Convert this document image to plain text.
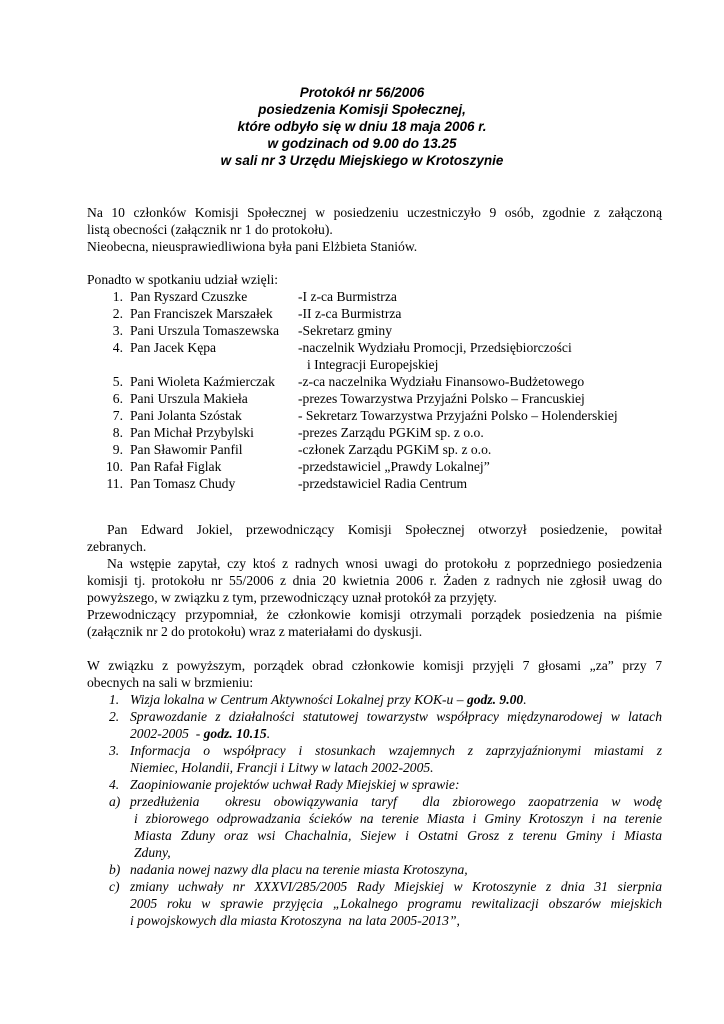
Protokół nr 56/2006
posiedzenia Komisji Społecznej,
które odbyło się w dniu 18 maja 2006 r.
w godzinach od 9.00 do 13.25
w sali nr 3 Urzędu Miejskiego w Krotoszynie
Na 10 członków Komisji Społecznej w posiedzeniu uczestniczyło 9 osób, zgodnie z załączoną
listą obecności (załącznik nr 1 do protokołu).
Nieobecna, nieusprawiedliwiona była pani Elżbieta Staniów.
Ponadto w spotkaniu udział wzięli:
1. Pan Ryszard Czuszke	-I z-ca Burmistrza
2. Pan Franciszek Marszałek -II z-ca Burmistrza
3. Pani Urszula Tomaszewska -Sekretarz gminy
4. Pan Jacek Kępa	-naczelnik Wydziału Promocji, Przedsiębiorczości
i Integracji Europejskiej
5. Pani Wioleta Kaźmierczak -z-ca naczelnika Wydziału Finansowo-Budżetowego
6. Pani Urszula Makieła	-prezes Towarzystwa Przyjaźni Polsko – Francuskiej
7. Pani Jolanta Szóstak	- Sekretarz Towarzystwa Przyjaźni Polsko – Holenderskiej
8. Pan Michał Przybylski	-prezes Zarządu PGKiM sp. z o.o.
9. Pan Sławomir Panfil	-członek Zarządu PGKiM sp. z o.o.
10. Pan Rafał Figlak	-przedstawiciel „Prawdy Lokalnej”
11. Pan Tomasz Chudy	-przedstawiciel Radia Centrum
Pan Edward Jokiel, przewodniczący Komisji Społecznej otworzył posiedzenie, powitał
zebranych.
Na wstępie zapytał, czy ktoś z radnych wnosi uwagi do protokołu z poprzedniego posiedzenia
komisji tj. protokołu nr 55/2006 z dnia 20 kwietnia 2006 r. Żaden z radnych nie zgłosił uwag do
powyższego, w związku z tym, przewodniczący uznał protokół za przyjęty.
Przewodniczący przypomniał, że członkowie komisji otrzymali porządek posiedzenia na piśmie
(załącznik nr 2 do protokołu) wraz z materiałami do dyskusji.
W związku z powyższym, porządek obrad członkowie komisji przyjęli 7 głosami „za” przy 7
obecnych na sali w brzmieniu:
1. Wizja lokalna w Centrum Aktywności Lokalnej przy KOK-u – godz. 9.00.
2. Sprawozdanie z działalności statutowej towarzystw współpracy międzynarodowej w latach
2002-2005  - godz. 10.15.
3. Informacja o współpracy i stosunkach wzajemnych z zaprzyjaźnionymi miastami z
Niemiec, Holandii, Francji i Litwy w latach 2002-2005.
4. Zaopiniowanie projektów uchwał Rady Miejskiej w sprawie:
a) przedłużenia  okresu obowiązywania taryf  dla zbiorowego zaopatrzenia w wodę
i zbiorowego odprowadzania ścieków na terenie Miasta i Gminy Krotoszyn i na terenie
Miasta Zduny oraz wsi Chachalnia, Siejew i Ostatni Grosz z terenu Gminy i Miasta
Zduny,
b) nadania nowej nazwy dla placu na terenie miasta Krotoszyna,
c) zmiany uchwały nr XXXVI/285/2005 Rady Miejskiej w Krotoszynie z dnia 31 sierpnia
2005 roku w sprawie przyjęcia „Lokalnego programu rewitalizacji obszarów miejskich
i powojskowych dla miasta Krotoszyna  na lata 2005-2013”,
